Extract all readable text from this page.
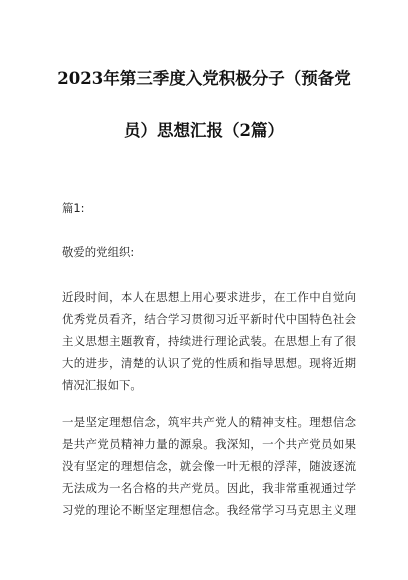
2023年第三季度入党积极分子（预备党
员）思想汇报（2篇）
篇1:
敬爱的党组织:
近段时间，本人在思想上用心要求进步，在工作中自觉向
优秀党员看齐，结合学习贯彻习近平新时代中国特色社会
主义思想主题教育，持续进行理论武装。在思想上有了很
大的进步，清楚的认识了党的性质和指导思想。现将近期
情况汇报如下。
一是坚定理想信念，筑牢共产党人的精神支柱。理想信念
是共产党员精神力量的源泉。我深知，一个共产党员如果
没有坚定的理想信念，就会像一叶无根的浮萍，随波逐流
无法成为一名合格的共产党员。因此，我非常重视通过学
习党的理论不断坚定理想信念。我经常学习马克思主义理
